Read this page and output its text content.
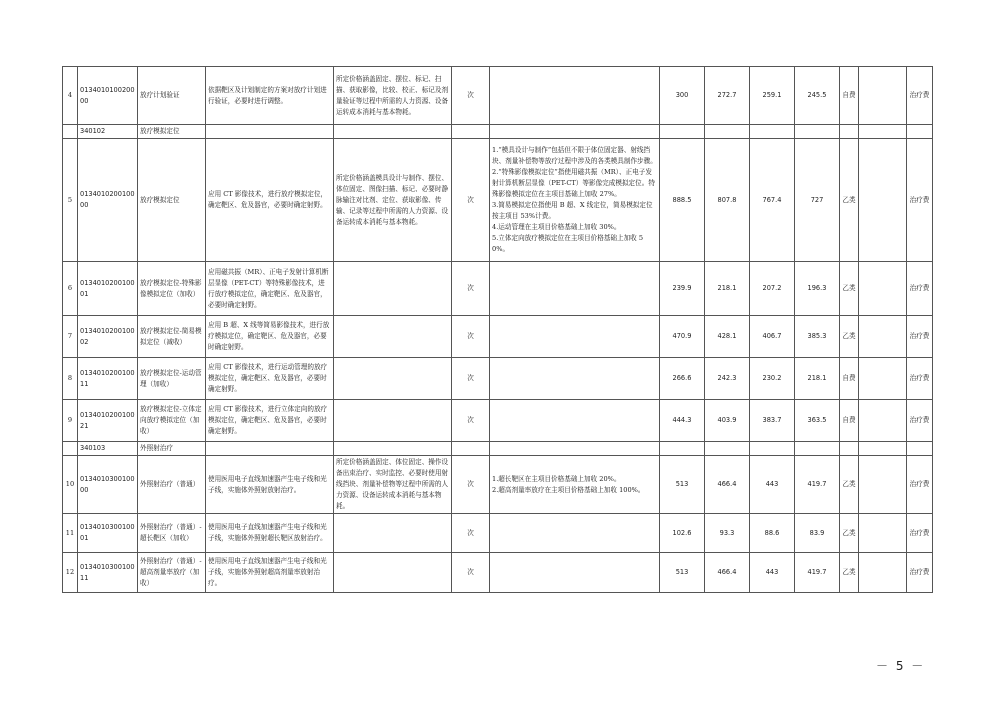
4	013401010020000	放疗计划验证	依据靶区及计划制定的方案对放疗计划进行验证，必要时进行调整。	所定价格涵盖固定、摆位、标记、扫描、获取影像，比较、校正、标记及剂量验证等过程中所需的人力资源、设备运转成本消耗与基本物耗。	次		300	272.7	259.1	245.5	自费		治疗费
	340102	放疗模拟定位											
5	013401020010000	放疗模拟定位	应用 CT 影像技术，进行放疗模拟定位，确定靶区、危及器官，必要时确定射野。	所定价格涵盖模具设计与制作、摆位、体位固定、图像扫描、标记、必要时静脉输注对比剂、定位、获取影像、传输、记录等过程中所需的人力资源、设备运转成本消耗与基本物耗。	次	1.“模具设计与制作”包括但不限于体位固定器、射线挡块、剂量补偿物等放疗过程中涉及的各类模具制作步骤。
2.“特殊影像模拟定位”指使用磁共振（MR）、正电子发射计算机断层显像（PET-CT）等影像完成模拟定位。特殊影像模拟定位在主项目基础上加收 27%。
3.简易模拟定位指使用 B 超、X 线定位，简易模拟定位按主项目 53%计费。
4.运动管理在主项目价格基础上加收 30%。
5.立体定向放疗模拟定位在主项目价格基础上加收 50%。	888.5	807.8	767.4	727	乙类		治疗费
6	013401020010001	放疗模拟定位-特殊影像模拟定位（加收）	应用磁共振（MR）、正电子发射计算机断层显像（PET-CT）等特殊影像技术，进行放疗模拟定位，确定靶区、危及器官，必要时确定射野。		次		239.9	218.1	207.2	196.3	乙类		治疗费
7	013401020010002	放疗模拟定位-简易模拟定位（减收）	应用 B 超、X 线等简易影像技术，进行放疗模拟定位，确定靶区、危及器官，必要时确定射野。		次		470.9	428.1	406.7	385.3	乙类		治疗费
8	013401020010011	放疗模拟定位-运动管理（加收）	应用 CT 影像技术，进行运动管理的放疗模拟定位，确定靶区、危及器官，必要时确定射野。		次		266.6	242.3	230.2	218.1	自费		治疗费
9	013401020010021	放疗模拟定位-立体定向放疗模拟定位（加收）	应用 CT 影像技术，进行立体定向的放疗模拟定位，确定靶区、危及器官，必要时确定射野。		次		444.3	403.9	383.7	363.5	自费		治疗费
	340103	外照射治疗											
10	013401030010000	外照射治疗（普通）	使用医用电子直线加速器产生电子线和光子线，实施体外照射放射治疗。	所定价格涵盖固定、体位固定、操作设备出束治疗、实时监控、必要时使用射线挡块、剂量补偿物等过程中所需的人力资源、设备运转成本消耗与基本物耗。	次	1.超长靶区在主项目价格基础上加收 20%。
2.超高剂量率放疗在主项目价格基础上加收 100%。	513	466.4	443	419.7	乙类		治疗费
11	013401030010001	外照射治疗（普通）-超长靶区（加收）	使用医用电子直线加速器产生电子线和光子线，实施体外照射超长靶区放射治疗。		次		102.6	93.3	88.6	83.9	乙类		治疗费
12	013401030010011	外照射治疗（普通）-超高剂量率放疗（加收）	使用医用电子直线加速器产生电子线和光子线，实施体外照射超高剂量率放射治疗。		次		513	466.4	443	419.7	乙类		治疗费
－ 5 －
